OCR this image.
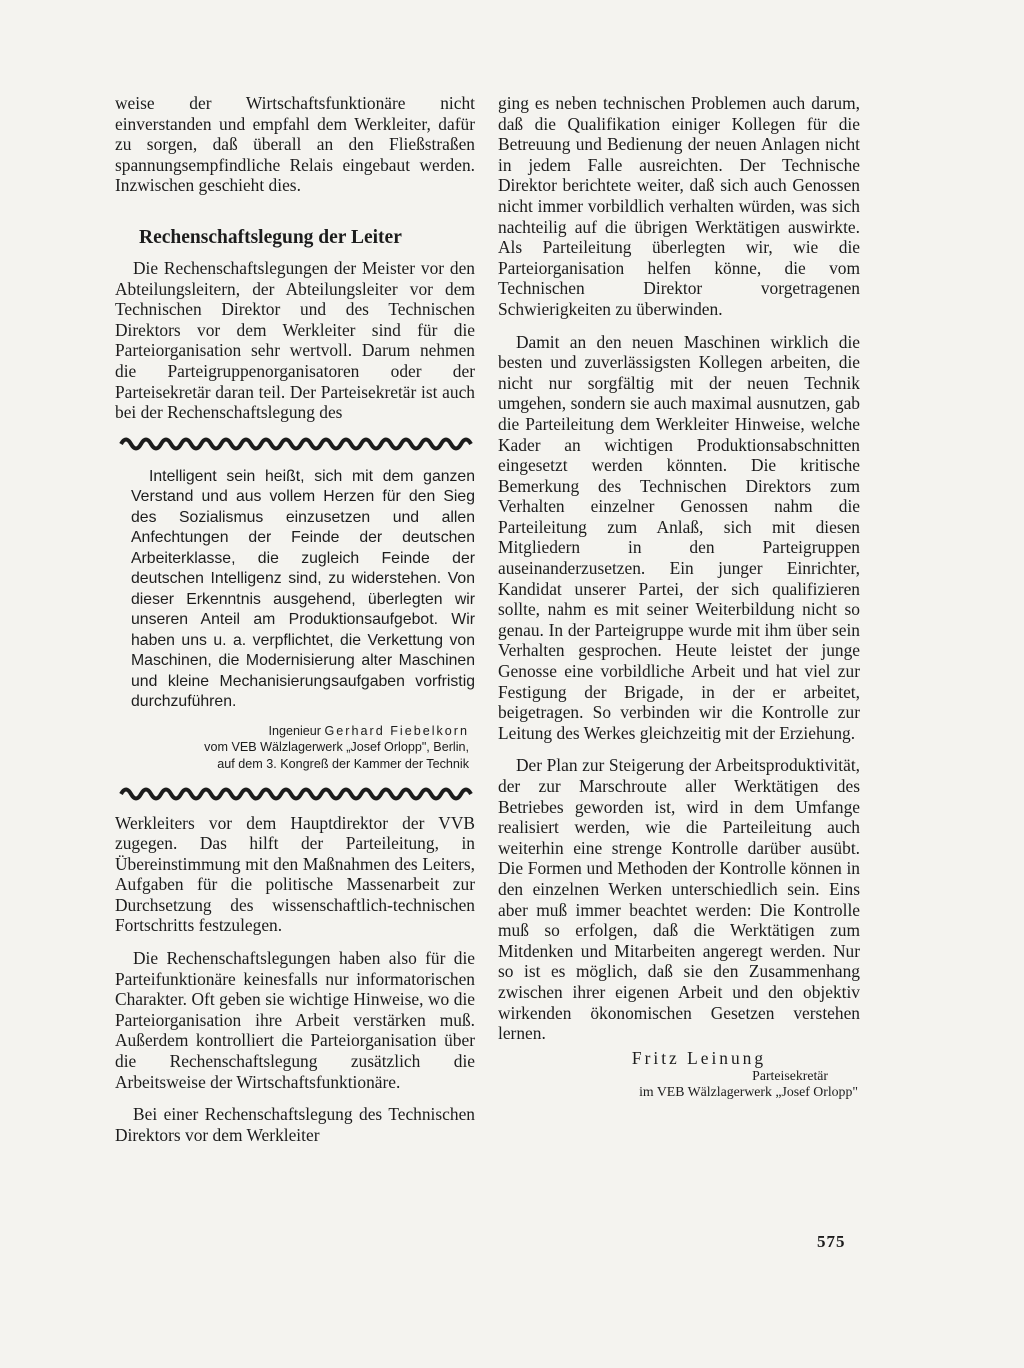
weise der Wirtschaftsfunktionäre nicht einverstanden und empfahl dem Werkleiter, dafür zu sorgen, daß überall an den Fließstraßen spannungsempfindliche Relais eingebaut werden. Inzwischen geschieht dies.

Rechenschaftslegung der Leiter

Die Rechenschaftslegungen der Meister vor den Abteilungsleitern, der Abteilungsleiter vor dem Technischen Direktor und des Technischen Direktors vor dem Werkleiter sind für die Parteiorganisation sehr wertvoll. Darum nehmen die Parteigruppenorganisatoren oder der Parteisekretär daran teil. Der Parteisekretär ist auch bei der Rechenschaftslegung des

Intelligent sein heißt, sich mit dem ganzen Verstand und aus vollem Herzen für den Sieg des Sozialismus einzusetzen und allen Anfechtungen der Feinde der deutschen Arbeiterklasse, die zugleich Feinde der deutschen Intelligenz sind, zu widerstehen. Von dieser Erkenntnis ausgehend, überlegten wir unseren Anteil am Produktionsaufgebot. Wir haben uns u. a. verpflichtet, die Verkettung von Maschinen, die Modernisierung alter Maschinen und kleine Mechanisierungsaufgaben vorfristig durchzuführen.

Ingenieur Gerhard Fiebelkorn
vom VEB Wälzlagerwerk „Josef Orlopp", Berlin,
auf dem 3. Kongreß der Kammer der Technik

Werkleiters vor dem Hauptdirektor der VVB zugegen. Das hilft der Parteileitung, in Übereinstimmung mit den Maßnahmen des Leiters, Aufgaben für die politische Massenarbeit zur Durchsetzung des wissenschaftlich-technischen Fortschritts festzulegen.

Die Rechenschaftslegungen haben also für die Parteifunktionäre keinesfalls nur informatorischen Charakter. Oft geben sie wichtige Hinweise, wo die Parteiorganisation ihre Arbeit verstärken muß. Außerdem kontrolliert die Parteiorganisation über die Rechenschaftslegung zusätzlich die Arbeitsweise der Wirtschaftsfunktionäre.

Bei einer Rechenschaftslegung des Technischen Direktors vor dem Werkleiter

ging es neben technischen Problemen auch darum, daß die Qualifikation einiger Kollegen für die Betreuung und Bedienung der neuen Anlagen nicht in jedem Falle ausreichten. Der Technische Direktor berichtete weiter, daß sich auch Genossen nicht immer vorbildlich verhalten würden, was sich nachteilig auf die übrigen Werktätigen auswirkte. Als Parteileitung überlegten wir, wie die Parteiorganisation helfen könne, die vom Technischen Direktor vorgetragenen Schwierigkeiten zu überwinden.

Damit an den neuen Maschinen wirklich die besten und zuverlässigsten Kollegen arbeiten, die nicht nur sorgfältig mit der neuen Technik umgehen, sondern sie auch maximal ausnutzen, gab die Parteileitung dem Werkleiter Hinweise, welche Kader an wichtigen Produktionsabschnitten eingesetzt werden könnten. Die kritische Bemerkung des Technischen Direktors zum Verhalten einzelner Genossen nahm die Parteileitung zum Anlaß, sich mit diesen Mitgliedern in den Parteigruppen auseinanderzusetzen. Ein junger Einrichter, Kandidat unserer Partei, der sich qualifizieren sollte, nahm es mit seiner Weiterbildung nicht so genau. In der Parteigruppe wurde mit ihm über sein Verhalten gesprochen. Heute leistet der junge Genosse eine vorbildliche Arbeit und hat viel zur Festigung der Brigade, in der er arbeitet, beigetragen. So verbinden wir die Kontrolle zur Leitung des Werkes gleichzeitig mit der Erziehung.

Der Plan zur Steigerung der Arbeitsproduktivität, der zur Marschroute aller Werktätigen des Betriebes geworden ist, wird in dem Umfange realisiert werden, wie die Parteileitung auch weiterhin eine strenge Kontrolle darüber ausübt. Die Formen und Methoden der Kontrolle können in den einzelnen Werken unterschiedlich sein. Eins aber muß immer beachtet werden: Die Kontrolle muß so erfolgen, daß die Werktätigen zum Mitdenken und Mitarbeiten angeregt werden. Nur so ist es möglich, daß sie den Zusammenhang zwischen ihrer eigenen Arbeit und den objektiv wirkenden ökonomischen Gesetzen verstehen lernen.

Fritz Leinung
Parteisekretär
im VEB Wälzlagerwerk „Josef Orlopp"
575
